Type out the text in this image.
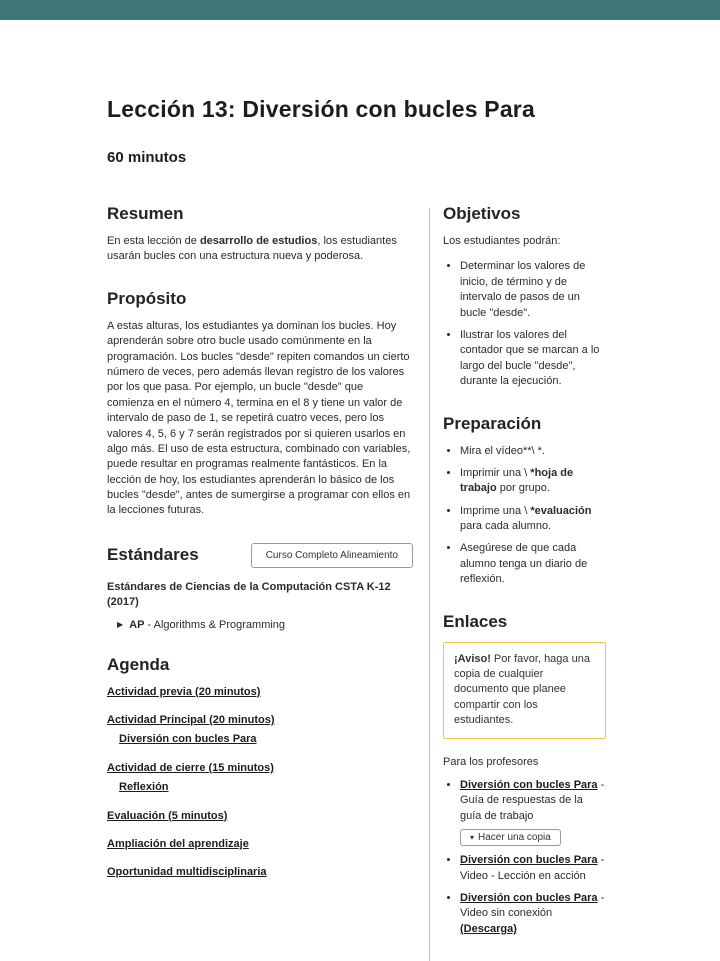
Lección 13: Diversión con bucles Para
60 minutos
Resumen

En esta lección de desarrollo de estudios, los estudiantes usarán bucles con una estructura nueva y poderosa.

Propósito

A estas alturas, los estudiantes ya dominan los bucles. Hoy aprenderán sobre otro bucle usado comúnmente en la programación. Los bucles "desde" repiten comandos un cierto número de veces, pero además llevan registro de los valores por los que pasa. Por ejemplo, un bucle "desde" que comienza en el número 4, termina en el 8 y tiene un valor de intervalo de paso de 1, se repetirá cuatro veces, pero los valores 4, 5, 6 y 7 serán registrados por si quieren usarlos en algo más. El uso de esta estructura, combinado con variables, puede resultar en programas realmente fantásticos. En la lección de hoy, los estudiantes aprenderán lo básico de los bucles "desde", antes de sumergirse a programar con ellos en la lecciones futuras.

Estándares	Curso Completo Alineamiento

Estándares de Ciencias de la Computación CSTA K-12 (2017)

▶ AP - Algorithms & Programming
Agenda
Actividad previa (20 minutos)
Actividad Principal (20 minutos)
Diversión con bucles Para
Actividad de cierre (15 minutos)
Reflexión
Evaluación (5 minutos)
Ampliación del aprendizaje
Oportunidad multidisciplinaria
Objetivos

Los estudiantes podrán:

• Determinar los valores de inicio, de término y de intervalo de pasos de un bucle "desde".
• Ilustrar los valores del contador que se marcan a lo largo del bucle "desde", durante la ejecución.
Preparación
• Mira el vídeo**\ *.
• Imprimir una \ *hoja de trabajo por grupo.
• Imprime una \ *evaluación para cada alumno.
• Asegúrese de que cada alumno tenga un diario de reflexión.
Enlaces
¡Aviso! Por favor, haga una copia de cualquier documento que planee compartir con los estudiantes.

Para los profesores

• Diversión con bucles Para - Guía de respuestas de la guía de trabajo

▾ Hacer una copia
• Diversión con bucles Para - Video - Lección en acción
• Diversión con bucles Para - Video sin conexión (Descarga)
